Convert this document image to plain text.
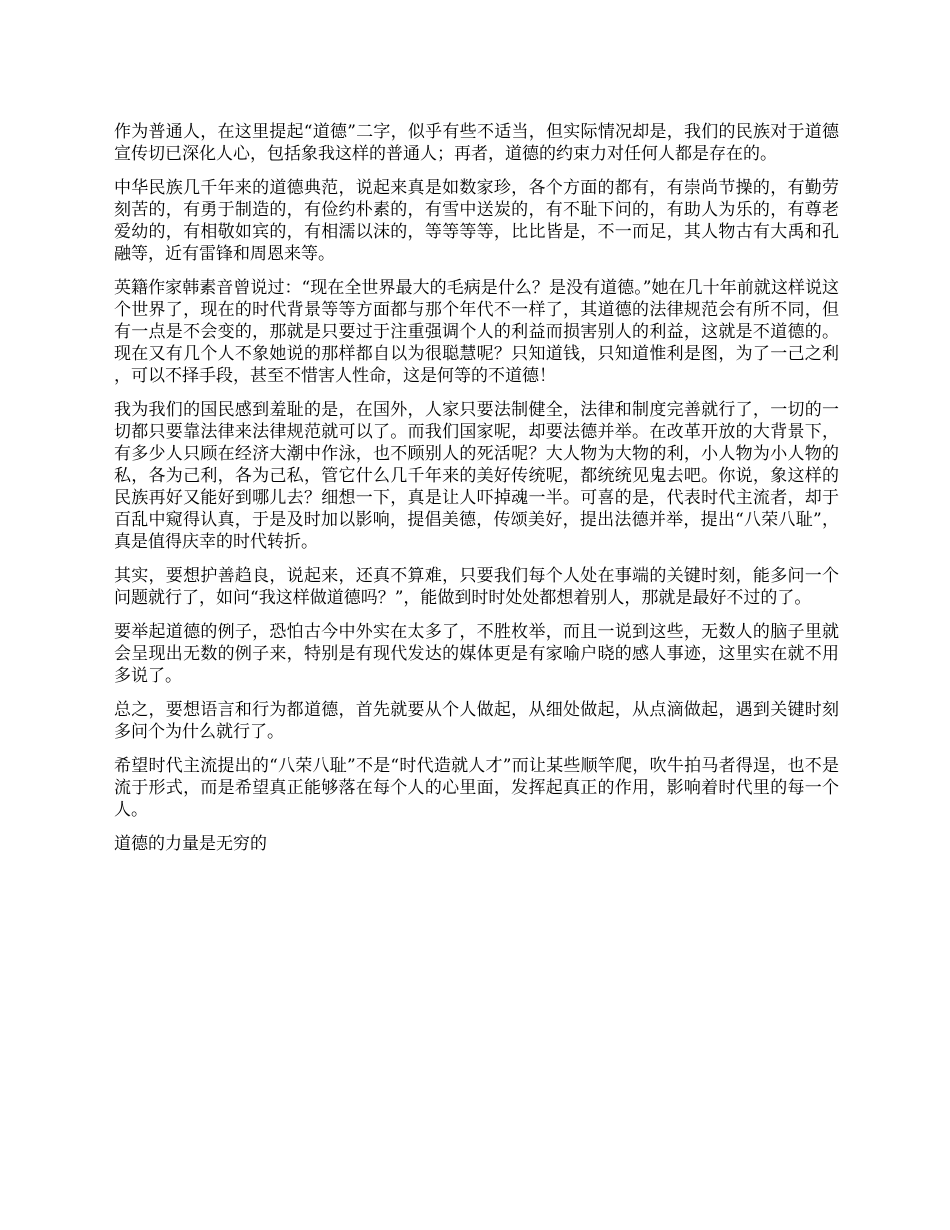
作为普通人，在这里提起“道德”二字，似乎有些不适当，但实际情况却是，我们的民族对于道德宣传切已深化人心，包括象我这样的普通人；再者，道德的约束力对任何人都是存在的。

中华民族几千年来的道德典范，说起来真是如数家珍，各个方面的都有，有崇尚节操的，有勤劳刻苦的，有勇于制造的，有俭约朴素的，有雪中送炭的，有不耻下问的，有助人为乐的，有尊老爱幼的，有相敬如宾的，有相濡以沫的，等等等等，比比皆是，不一而足，其人物古有大禹和孔融等，近有雷锋和周恩来等。

英籍作家韩素音曾说过：“现在全世界最大的毛病是什么？是没有道德。”她在几十年前就这样说这个世界了，现在的时代背景等等方面都与那个年代不一样了，其道德的法律规范会有所不同，但有一点是不会变的，那就是只要过于注重强调个人的利益而损害别人的利益，这就是不道德的。现在又有几个人不象她说的那样都自以为很聪慧呢？只知道钱，只知道惟利是图，为了一己之利，可以不择手段，甚至不惜害人性命，这是何等的不道德！

我为我们的国民感到羞耻的是，在国外，人家只要法制健全，法律和制度完善就行了，一切的一切都只要靠法律来法律规范就可以了。而我们国家呢，却要法德并举。在改革开放的大背景下，有多少人只顾在经济大潮中作泳，也不顾别人的死活呢？大人物为大物的利，小人物为小人物的私，各为己利，各为己私，管它什么几千年来的美好传统呢，都统统见鬼去吧。你说，象这样的民族再好又能好到哪儿去？细想一下，真是让人吓掉魂一半。可喜的是，代表时代主流者，却于百乱中窥得认真，于是及时加以影响，提倡美德，传颂美好，提出法德并举，提出“八荣八耻”，真是值得庆幸的时代转折。

其实，要想护善趋良，说起来，还真不算难，只要我们每个人处在事端的关键时刻，能多问一个问题就行了，如问“我这样做道德吗？”，能做到时时处处都想着别人，那就是最好不过的了。

要举起道德的例子，恐怕古今中外实在太多了，不胜枚举，而且一说到这些，无数人的脑子里就会呈现出无数的例子来，特别是有现代发达的媒体更是有家喻户晓的感人事迹，这里实在就不用多说了。

总之，要想语言和行为都道德，首先就要从个人做起，从细处做起，从点滴做起，遇到关键时刻多问个为什么就行了。

希望时代主流提出的“八荣八耻”不是“时代造就人才”而让某些顺竿爬，吹牛拍马者得逞，也不是流于形式，而是希望真正能够落在每个人的心里面，发挥起真正的作用，影响着时代里的每一个人。

道德的力量是无穷的
